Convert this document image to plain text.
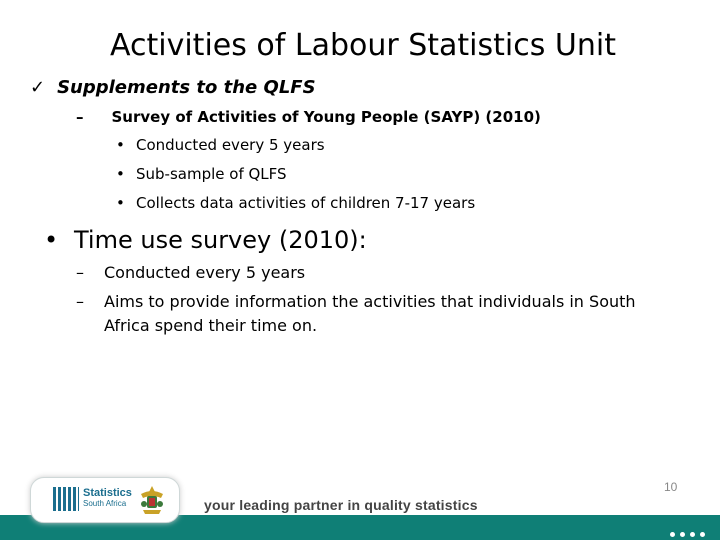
Activities of Labour Statistics Unit
✓ Supplements to the QLFS
– Survey of Activities of Young People (SAYP) (2010)
• Conducted every 5 years
• Sub-sample of QLFS
• Collects data activities of children 7-17 years
• Time use survey (2010):
– Conducted every 5 years
– Aims to provide information the activities that individuals in South Africa spend their time on.
Statistics
South Africa	your leading partner in quality statistics
10
